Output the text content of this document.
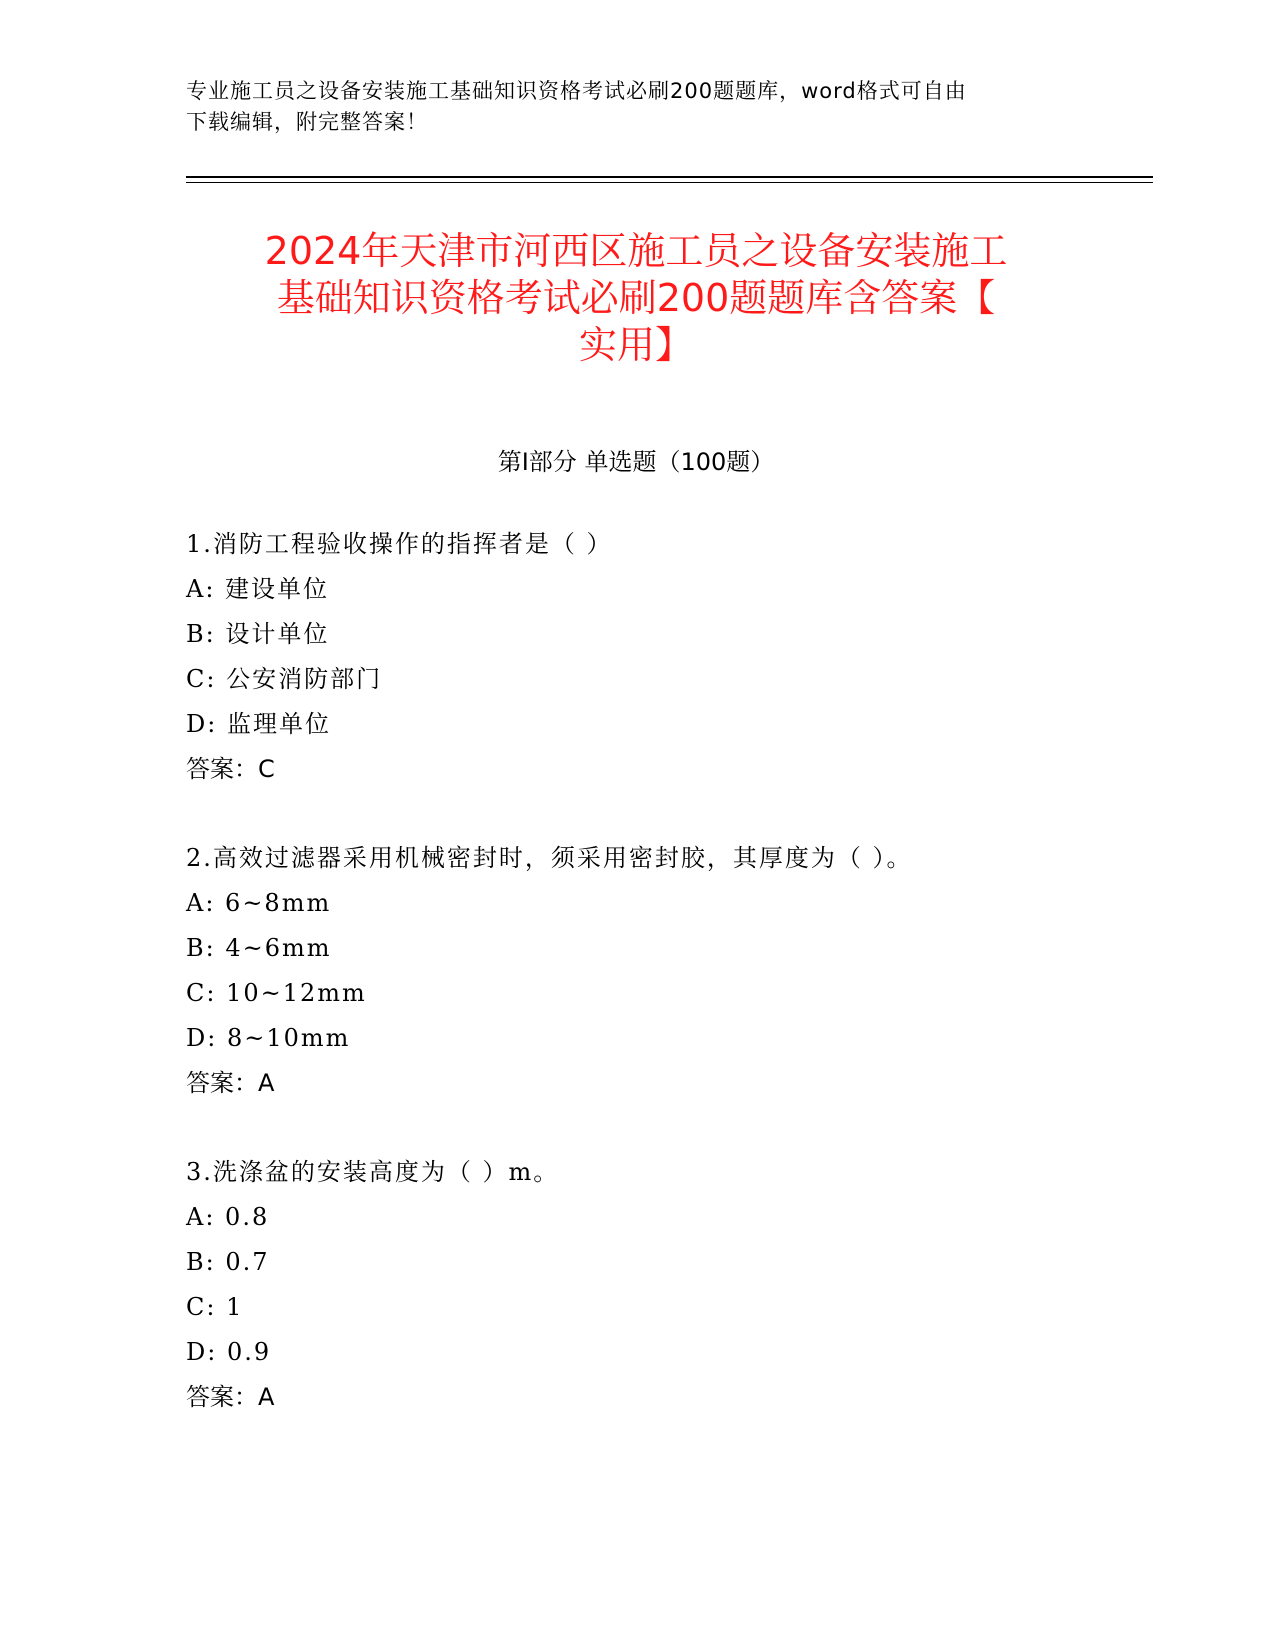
专业施工员之设备安装施工基础知识资格考试必刷200题题库，word格式可自由
下载编辑，附完整答案！
2024年天津市河西区施工员之设备安装施工
基础知识资格考试必刷200题题库含答案【
实用】
第Ⅰ部分 单选题（100题）
1.消防工程验收操作的指挥者是（ ）
A: 建设单位
B: 设计单位
C: 公安消防部门
D: 监理单位
答案：C
2.高效过滤器采用机械密封时，须采用密封胶，其厚度为（ ）。
A: 6~8mm
B: 4~6mm
C: 10~12mm
D: 8~10mm
答案：A
3.洗涤盆的安装高度为（ ）m。
A: 0.8
B: 0.7
C: 1
D: 0.9
答案：A
